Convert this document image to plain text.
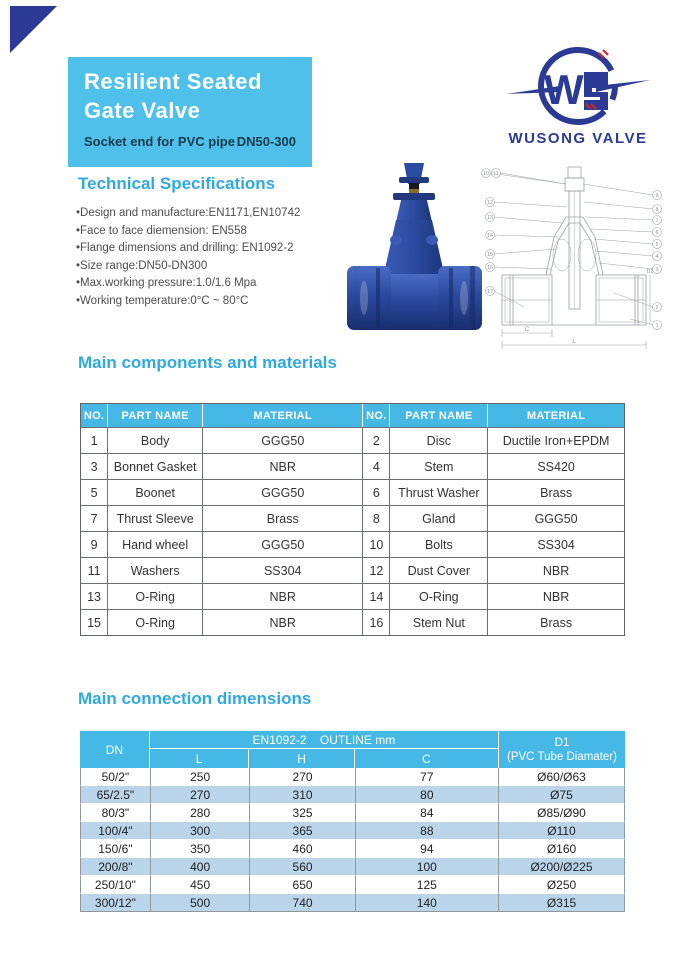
Resilient Seated
Gate Valve
Socket end for PVC pipe DN50-300
W
WUSONG VALVE
Technical Specifications
•Design and manufacture:EN1171,EN10742
•Face to face diemension: EN558
•Flange dimensions and drilling: EN1092-2
•Size range:DN50-DN300
•Max.working pressure:1.0/1.6 Mpa
•Working temperature:0°C ~ 80°C
10 11
12
13
14
15
16
17
9
8
7
6
5
4
3
2
1
C
L
D1
Main components and materials
NO.	PART NAME	MATERIAL	NO.	PART NAME	MATERIAL
1	Body	GGG50	2	Disc	Ductile Iron+EPDM
3	Bonnet Gasket	NBR	4	Stem	SS420
5	Boonet	GGG50	6	Thrust Washer	Brass
7	Thrust Sleeve	Brass	8	Gland	GGG50
9	Hand wheel	GGG50	10	Bolts	SS304
11	Washers	SS304	12	Dust Cover	NBR
13	O-Ring	NBR	14	O-Ring	NBR
15	O-Ring	NBR	16	Stem Nut	Brass
Main connection dimensions
DN	EN1092-2    OUTLINE mm			D1
(PVC Tube Diamater)

	L	H	C	
50/2"	250	270	77	Ø60/Ø63
65/2.5"	270	310	80	Ø75
80/3"	280	325	84	Ø85/Ø90
100/4"	300	365	88	Ø110
150/6"	350	460	94	Ø160
200/8"	400	560	100	Ø200/Ø225
250/10"	450	650	125	Ø250
300/12"	500	740	140	Ø315
